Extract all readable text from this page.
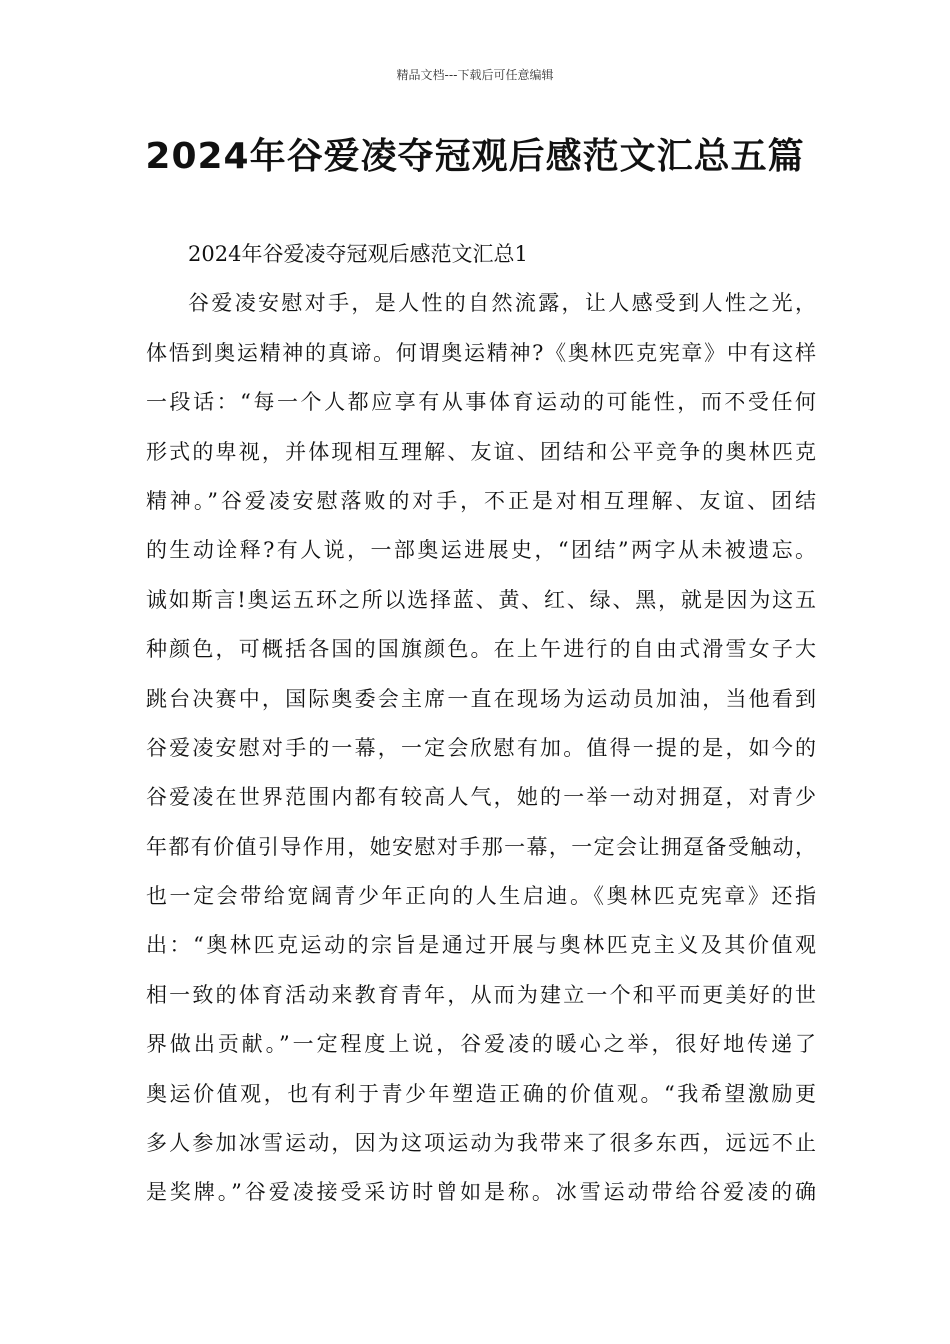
精品文档---下载后可任意编辑
2024年谷爱凌夺冠观后感范文汇总五篇
2024年谷爱凌夺冠观后感范文汇总1
谷爱凌安慰对手，是人性的自然流露，让人感受到人性之光，
体悟到奥运精神的真谛。何谓奥运精神?《奥林匹克宪章》中有这样
一段话：“每一个人都应享有从事体育运动的可能性，而不受任何
形式的卑视，并体现相互理解、友谊、团结和公平竞争的奥林匹克
精神。”谷爱凌安慰落败的对手，不正是对相互理解、友谊、团结
的生动诠释?有人说，一部奥运进展史，“团结”两字从未被遗忘。
诚如斯言!奥运五环之所以选择蓝、黄、红、绿、黑，就是因为这五
种颜色，可概括各国的国旗颜色。在上午进行的自由式滑雪女子大
跳台决赛中，国际奥委会主席一直在现场为运动员加油，当他看到
谷爱凌安慰对手的一幕，一定会欣慰有加。值得一提的是，如今的
谷爱凌在世界范围内都有较高人气，她的一举一动对拥趸，对青少
年都有价值引导作用，她安慰对手那一幕，一定会让拥趸备受触动，
也一定会带给宽阔青少年正向的人生启迪。《奥林匹克宪章》还指
出：“奥林匹克运动的宗旨是通过开展与奥林匹克主义及其价值观
相一致的体育活动来教育青年，从而为建立一个和平而更美好的世
界做出贡献。”一定程度上说，谷爱凌的暖心之举，很好地传递了
奥运价值观，也有利于青少年塑造正确的价值观。“我希望激励更
多人参加冰雪运动，因为这项运动为我带来了很多东西，远远不止
是奖牌。”谷爱凌接受采访时曾如是称。冰雪运动带给谷爱凌的确
